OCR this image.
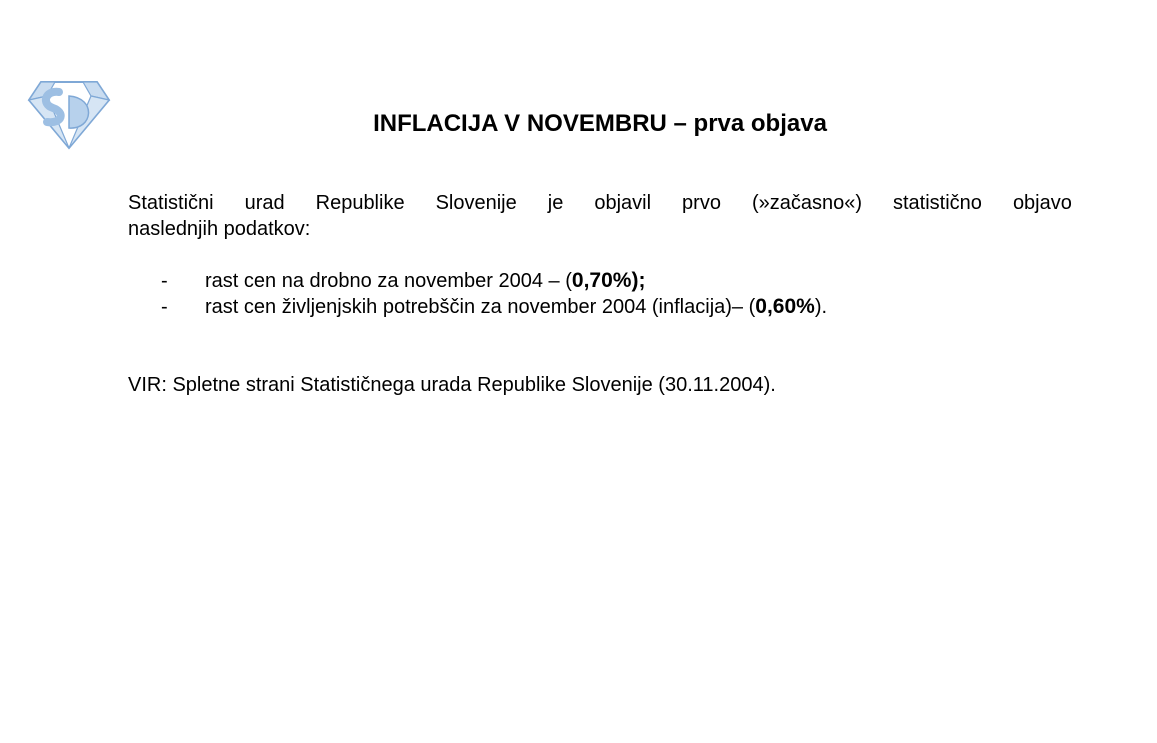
INFLACIJA V NOVEMBRU – prva objava
Statistični urad Republike Slovenije je objavil prvo (»začasno«) statistično objavo
naslednjih podatkov:
- rast cen na drobno za november 2004 – (0,70%);
- rast cen življenjskih potrebščin za november 2004 (inflacija)– (0,60%).
VIR: Spletne strani Statističnega urada Republike Slovenije (30.11.2004).
